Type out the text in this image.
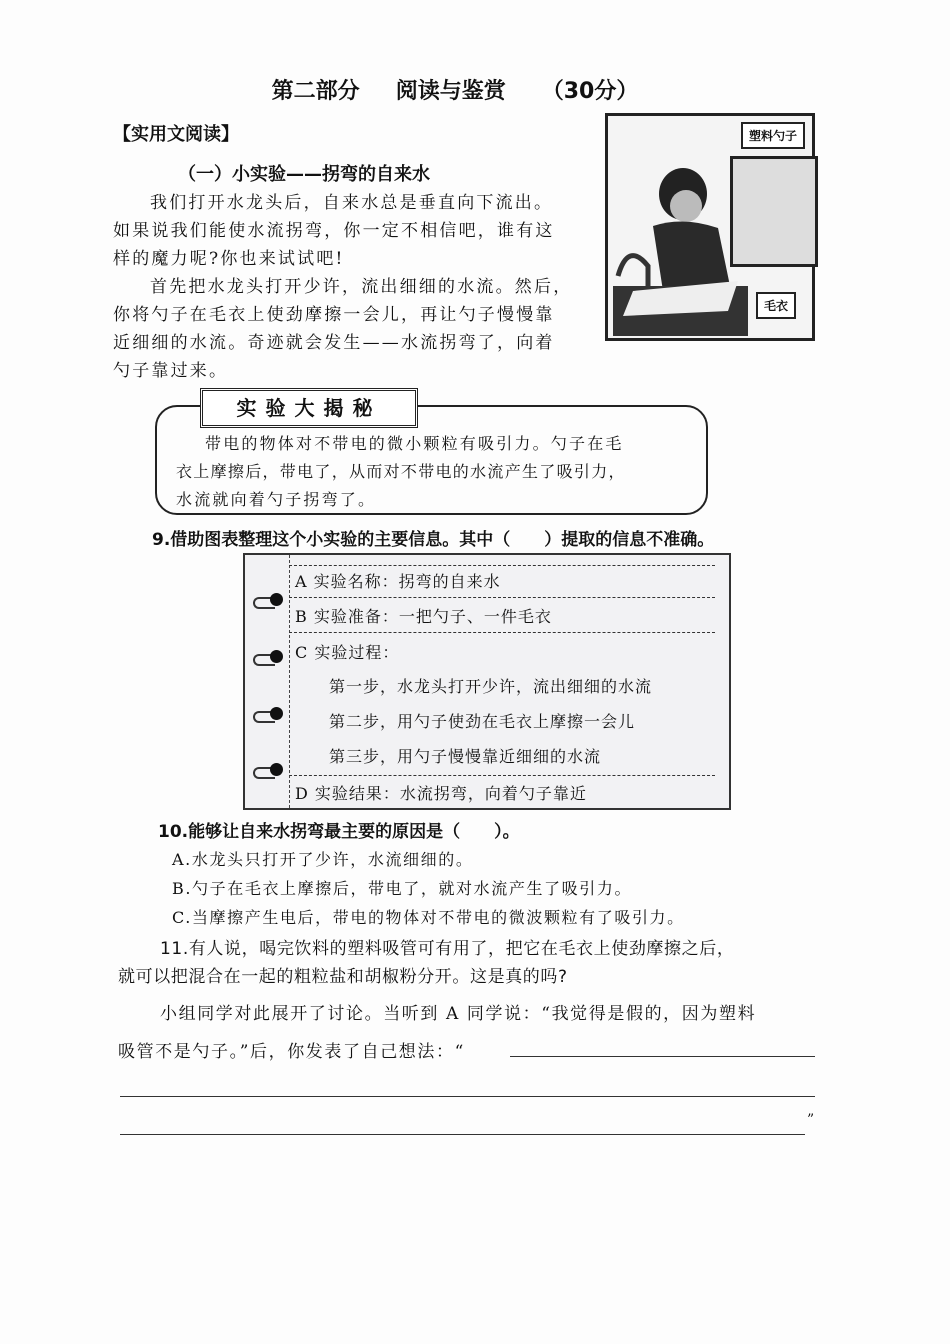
第二部分 阅读与鉴赏 （30分）
【实用文阅读】
（一）小实验——拐弯的自来水
我们打开水龙头后，自来水总是垂直向下流出。
如果说我们能使水流拐弯，你一定不相信吧，谁有这
样的魔力呢?你也来试试吧!
首先把水龙头打开少许，流出细细的水流。然后，
你将勺子在毛衣上使劲摩擦一会儿，再让勺子慢慢靠
近细细的水流。奇迹就会发生——水流拐弯了，向着
勺子靠过来。
塑料勺子
毛衣
实验大揭秘
带电的物体对不带电的微小颗粒有吸引力。勺子在毛
衣上摩擦后，带电了，从而对不带电的水流产生了吸引力，
水流就向着勺子拐弯了。
9.借助图表整理这个小实验的主要信息。其中（　　）提取的信息不准确。
A 实验名称：拐弯的自来水
B 实验准备：一把勺子、一件毛衣
C 实验过程：
第一步，水龙头打开少许，流出细细的水流
第二步，用勺子使劲在毛衣上摩擦一会儿
第三步，用勺子慢慢靠近细细的水流
D 实验结果：水流拐弯，向着勺子靠近
10.能够让自来水拐弯最主要的原因是（　　）。
A.水龙头只打开了少许，水流细细的。
B.勺子在毛衣上摩擦后，带电了，就对水流产生了吸引力。
C.当摩擦产生电后，带电的物体对不带电的微波颗粒有了吸引力。
11.有人说，喝完饮料的塑料吸管可有用了，把它在毛衣上使劲摩擦之后，
就可以把混合在一起的粗粒盐和胡椒粉分开。这是真的吗?
小组同学对此展开了讨论。当听到 A 同学说：“我觉得是假的，因为塑料
吸管不是勺子。”后，你发表了自己想法：“
”
